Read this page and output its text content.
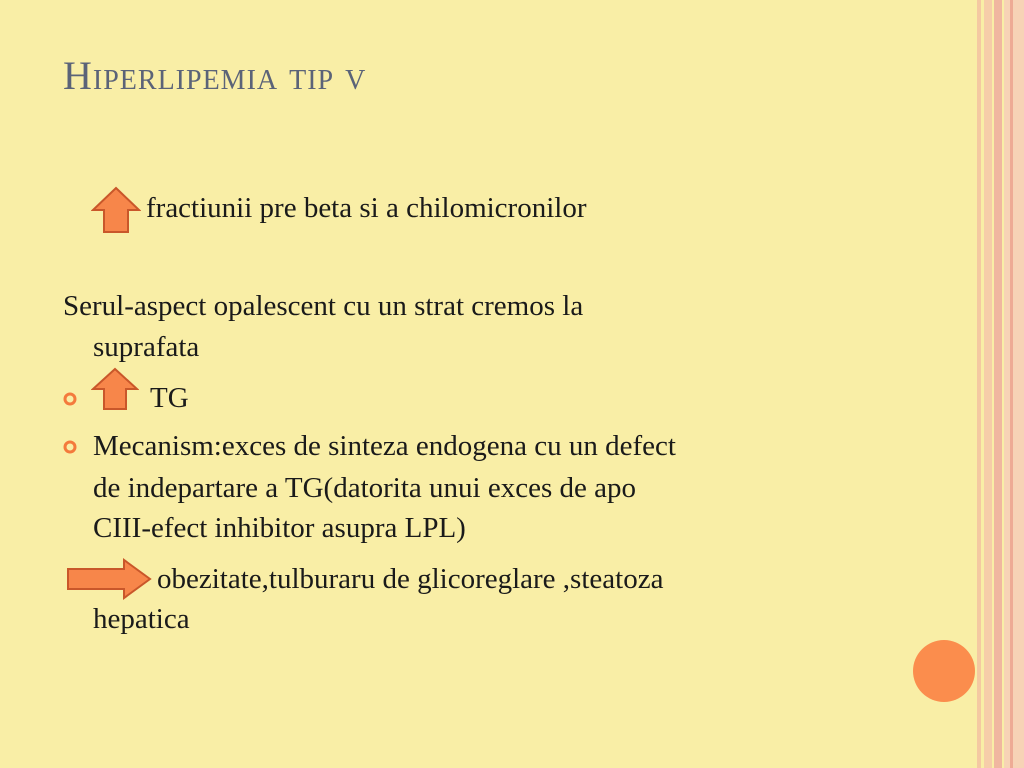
Hiperlipemia tip v
fractiunii pre beta si a chilomicronilor
Serul-aspect opalescent cu un strat cremos la
suprafata
TG
Mecanism:exces de sinteza endogena cu un defect
de indepartare a TG(datorita unui exces de apo
CIII-efect inhibitor asupra LPL)
obezitate,tulburaru de glicoreglare ,steatoza
hepatica
